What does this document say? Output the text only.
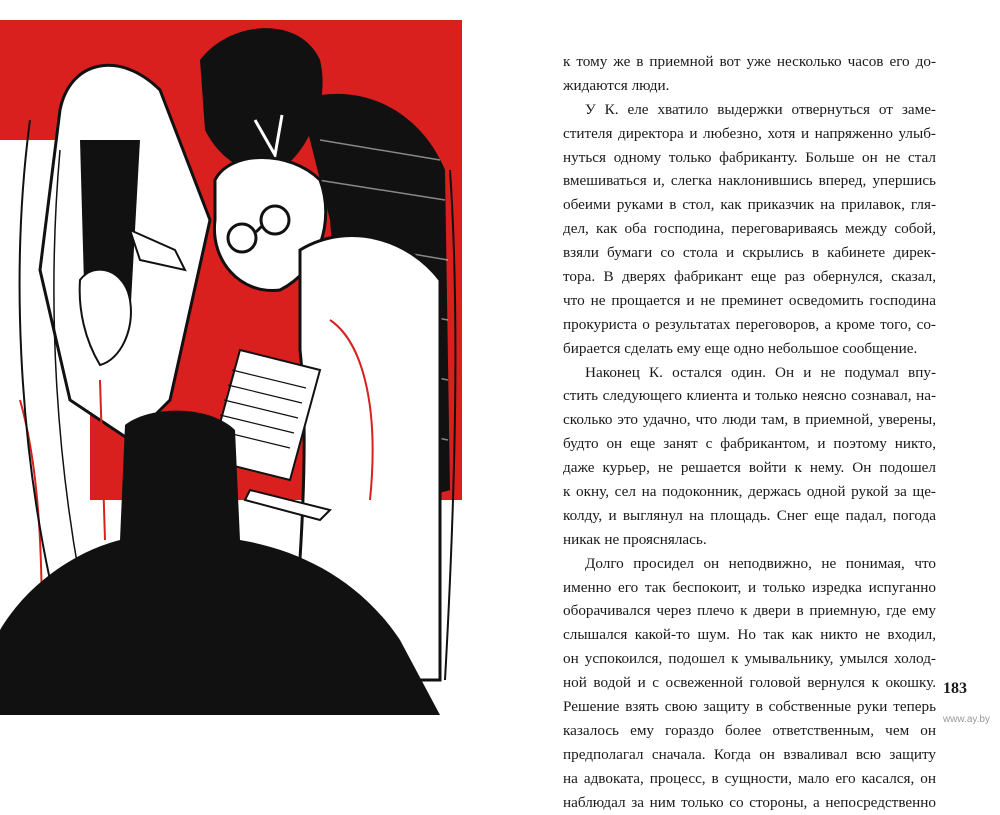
к тому же в приемной вот уже несколько часов его до-
жидаются люди.
У К. еле хватило выдержки отвернуться от заме-
стителя директора и любезно, хотя и напряженно улыб-
нуться одному только фабриканту. Больше он не стал
вмешиваться и, слегка наклонившись вперед, упершись
обеими руками в стол, как приказчик на прилавок, гля-
дел, как оба господина, переговариваясь между собой,
взяли бумаги со стола и скрылись в кабинете дирек-
тора. В дверях фабрикант еще раз обернулся, сказал,
что не прощается и не преминет осведомить господина
прокуриста о результатах переговоров, а кроме того, со-
бирается сделать ему еще одно небольшое сообщение.
Наконец К. остался один. Он и не подумал впу-
стить следующего клиента и только неясно сознавал, на-
сколько это удачно, что люди там, в приемной, уверены,
будто он еще занят с фабрикантом, и поэтому никто,
даже курьер, не решается войти к нему. Он подошел
к окну, сел на подоконник, держась одной рукой за ще-
колду, и выглянул на площадь. Снег еще падал, погода
никак не прояснялась.
Долго просидел он неподвижно, не понимая, что
именно его так беспокоит, и только изредка испуганно
оборачивался через плечо к двери в приемную, где ему
слышался какой-то шум. Но так как никто не входил,
он успокоился, подошел к умывальнику, умылся холод-
ной водой и с освеженной головой вернулся к окошку.
Решение взять свою защиту в собственные руки теперь
казалось ему гораздо более ответственным, чем он
предполагал сначала. Когда он взваливал всю защиту
на адвоката, процесс, в сущности, мало его касался, он
наблюдал за ним только со стороны, а непосредственно
183
www.ay.by
